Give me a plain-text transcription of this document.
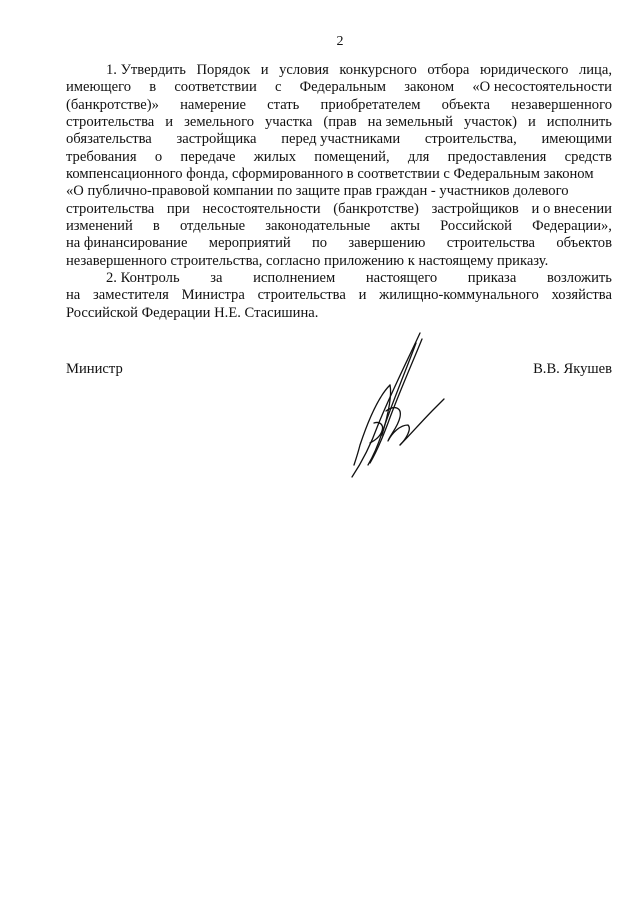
2
1. Утвердить Порядок и условия конкурсного отбора юридического лица,
имеющего в соответствии с Федеральным законом «О несостоятельности
(банкротстве)» намерение стать приобретателем объекта незавершенного
строительства и земельного участка (прав на земельный участок) и исполнить
обязательства застройщика перед участниками строительства, имеющими
требования о передаче жилых помещений, для предоставления средств
компенсационного фонда, сформированного в соответствии с Федеральным законом
«О публично-правовой компании по защите прав граждан - участников долевого
строительства при несостоятельности (банкротстве) застройщиков и о внесении
изменений в отдельные законодательные акты Российской Федерации»,
на финансирование мероприятий по завершению строительства объектов
незавершенного строительства, согласно приложению к настоящему приказу.
2. Контроль за исполнением настоящего приказа возложить
на заместителя Министра строительства и жилищно-коммунального хозяйства
Российской Федерации Н.Е. Стасишина.
Министр	В.В. Якушев
